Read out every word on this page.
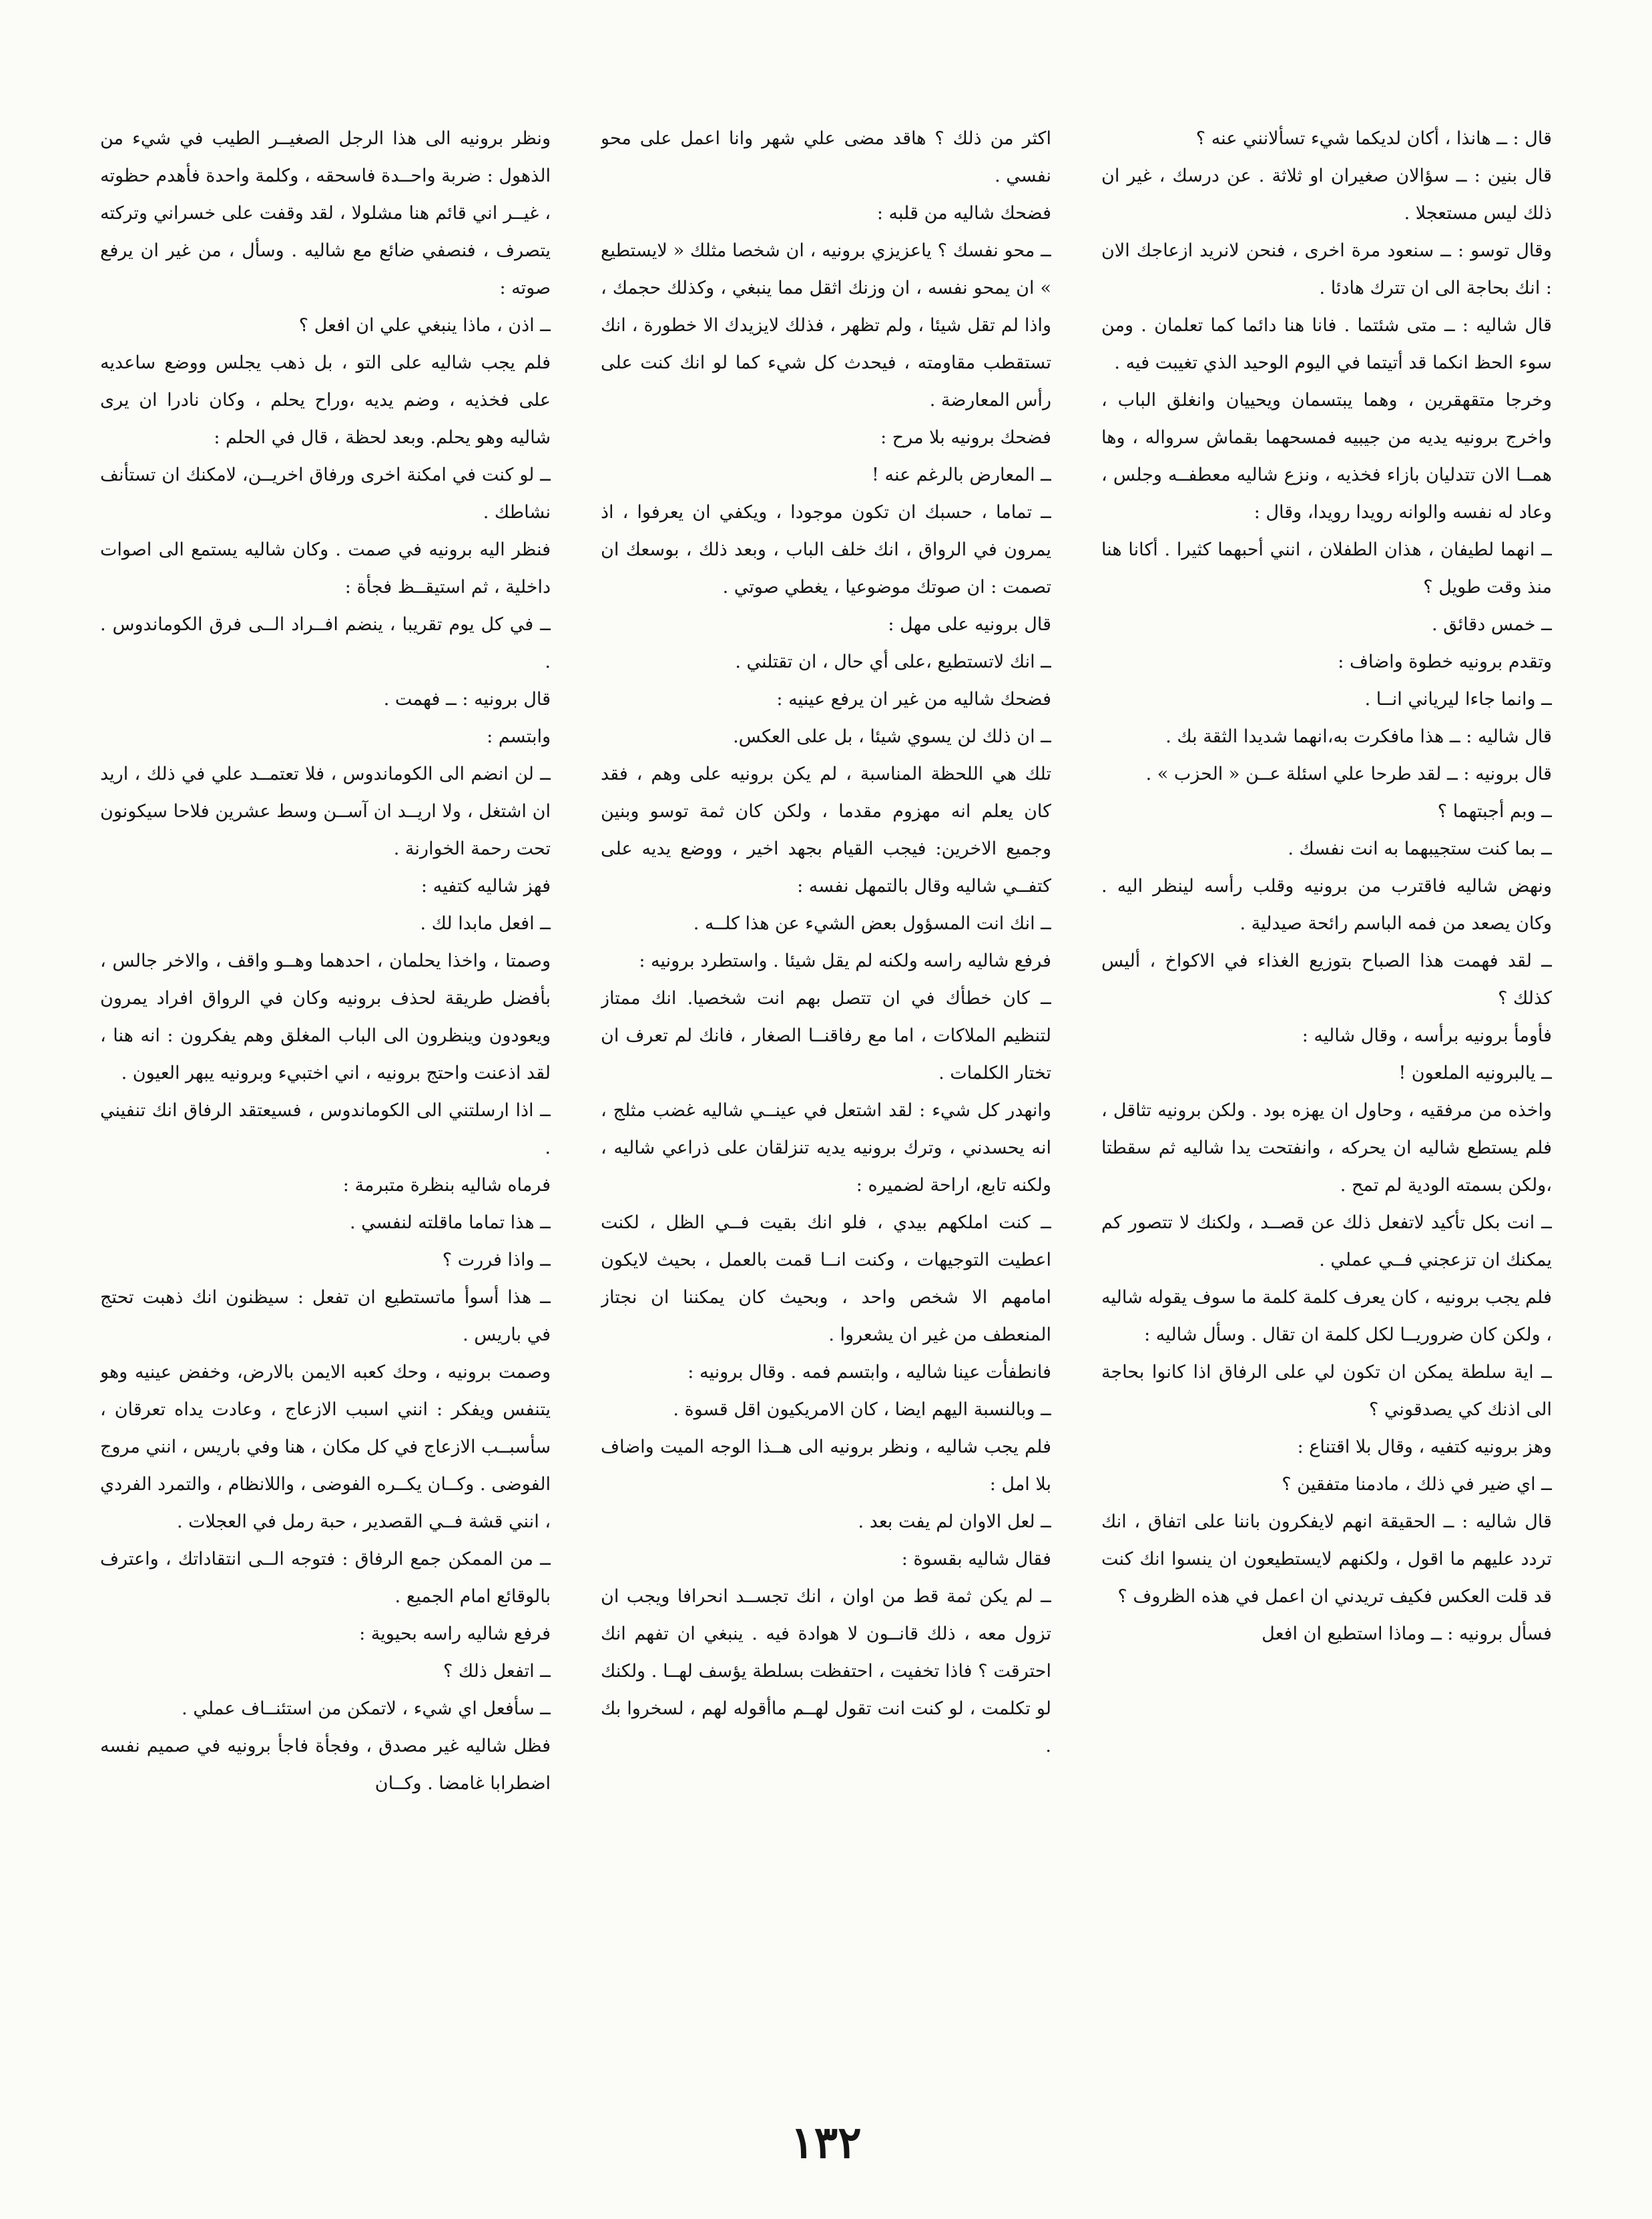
قال : ــ هانذا ، أكان لديكما شيء تسألانني عنه ؟

قال بنين : ــ سؤالان صغيران او ثلاثة . عن درسك ، غير ان ذلك ليس مستعجلا .

وقال توسو : ــ سنعود مرة اخرى ، فنحن لانريد ازعاجك الان : انك بحاجة الى ان تترك هادئا .

قال شاليه : ــ متى شئتما . فانا هنا دائما كما تعلمان . ومن سوء الحظ انكما قد أتيتما في اليوم الوحيد الذي تغيبت فيه .

وخرجا متقهقرين ، وهما يبتسمان ويحييان وانغلق الباب ، واخرج برونيه يديه من جيبيه فمسحهما بقماش سرواله ، وها همــا الان تتدليان بازاء فخذيه ، ونزع شاليه معطفــه وجلس ، وعاد له نفسه والوانه رويدا رويدا، وقال :

ــ انهما لطيفان ، هذان الطفلان ، انني أحبهما كثيرا . أكانا هنا منذ وقت طويل ؟

ــ خمس دقائق .

وتقدم برونيه خطوة واضاف :

ــ وانما جاءا ليرياني انــا .

قال شاليه : ــ هذا مافكرت به،انهما شديدا الثقة بك .

قال برونيه : ــ لقد طرحا علي اسئلة عــن « الحزب » .

ــ وبم أجبتهما ؟

ــ بما كنت ستجيبهما به انت نفسك .

ونهض شاليه فاقترب من برونيه وقلب رأسه لينظر اليه . وكان يصعد من فمه الباسم رائحة صيدلية .

ــ لقد فهمت هذا الصباح بتوزيع الغذاء في الاكواخ ، أليس كذلك ؟

فأومأ برونيه برأسه ، وقال شاليه :

ــ يالبرونيه الملعون !

واخذه من مرفقيه ، وحاول ان يهزه بود . ولكن برونيه تثاقل ، فلم يستطع شاليه ان يحركه ، وانفتحت يدا شاليه ثم سقطتا ،ولكن بسمته الودية لم تمح .

ــ انت بكل تأكيد لاتفعل ذلك عن قصــد ، ولكنك لا تتصور كم يمكنك ان تزعجني فــي عملي .

فلم يجب برونيه ، كان يعرف كلمة كلمة ما سوف يقوله شاليه ، ولكن كان ضروريــا لكل كلمة ان تقال . وسأل شاليه :

ــ اية سلطة يمكن ان تكون لي على الرفاق اذا كانوا بحاجة الى اذنك كي يصدقوني ؟

وهز برونيه كتفيه ، وقال بلا اقتناع :

ــ اي ضير في ذلك ، مادمنا متفقين ؟

قال شاليه : ــ الحقيقة انهم لايفكرون باننا على اتفاق ، انك تردد عليهم ما اقول ، ولكنهم لايستطيعون ان ينسوا انك كنت قد قلت العكس فكيف تريدني ان اعمل في هذه الظروف ؟

فسأل برونيه : ــ وماذا استطيع ان افعل

اكثر من ذلك ؟ هاقد مضى علي شهر وانا اعمل على محو نفسي .

فضحك شاليه من قلبه :

ــ محو نفسك ؟ ياعزيزي برونيه ، ان شخصا مثلك « لايستطيع » ان يمحو نفسه ، ان وزنك اثقل مما ينبغي ، وكذلك حجمك ، واذا لم تقل شيئا ، ولم تظهر ، فذلك لايزيدك الا خطورة ، انك تستقطب مقاومته ، فيحدث كل شيء كما لو انك كنت على رأس المعارضة .

فضحك برونيه بلا مرح :

ــ المعارض بالرغم عنه !

ــ تماما ، حسبك ان تكون موجودا ، ويكفي ان يعرفوا ، اذ يمرون في الرواق ، انك خلف الباب ، وبعد ذلك ، بوسعك ان تصمت : ان صوتك موضوعيا ، يغطي صوتي .

قال برونيه على مهل :

ــ انك لاتستطيع ،على أي حال ، ان تقتلني .

فضحك شاليه من غير ان يرفع عينيه :

ــ ان ذلك لن يسوي شيئا ، بل على العكس.

تلك هي اللحظة المناسبة ، لم يكن برونيه على وهم ، فقد كان يعلم انه مهزوم مقدما ، ولكن كان ثمة توسو وبنين وجميع الاخرين: فيجب القيام بجهد اخير ، ووضع يديه على كتفــي شاليه وقال بالتمهل نفسه :

ــ انك انت المسؤول بعض الشيء عن هذا كلــه .

فرفع شاليه راسه ولكنه لم يقل شيئا . واستطرد برونيه :

ــ كان خطأك في ان تتصل بهم انت شخصيا. انك ممتاز لتنظيم الملاكات ، اما مع رفاقنــا الصغار ، فانك لم تعرف ان تختار الكلمات .

وانهدر كل شيء : لقد اشتعل في عينــي شاليه غضب مثلج ، انه يحسدني ، وترك برونيه يديه تنزلقان على ذراعي شاليه ، ولكنه تابع، اراحة لضميره :

ــ كنت املكهم بيدي ، فلو انك بقيت فــي الظل ، لكنت اعطيت التوجيهات ، وكنت انــا قمت بالعمل ، بحيث لايكون امامهم الا شخص واحد ، وبحيث كان يمكننا ان نجتاز المنعطف من غير ان يشعروا .

فانطفأت عينا شاليه ، وابتسم فمه . وقال برونيه :

ــ وبالنسبة اليهم ايضا ، كان الامريكيون اقل قسوة .

فلم يجب شاليه ، ونظر برونيه الى هــذا الوجه الميت واضاف بلا امل :

ــ لعل الاوان لم يفت بعد .

فقال شاليه بقسوة :

ــ لم يكن ثمة قط من اوان ، انك تجســد انحرافا ويجب ان تزول معه ، ذلك قانــون لا هوادة فيه . ينبغي ان تفهم انك احترقت ؟ فاذا تخفيت ، احتفظت بسلطة يؤسف لهــا . ولكنك لو تكلمت ، لو كنت انت تقول لهــم ماأقوله لهم ، لسخروا بك .

ونظر برونيه الى هذا الرجل الصغيــر الطيب في شيء من الذهول : ضربة واحــدة فاسحقه ، وكلمة واحدة فأهدم حظوته ، غيــر اني قائم هنا مشلولا ، لقد وقفت على خسراني وتركته يتصرف ، فنصفي ضائع مع شاليه . وسأل ، من غير ان يرفع صوته :

ــ اذن ، ماذا ينبغي علي ان افعل ؟

فلم يجب شاليه على التو ، بل ذهب يجلس ووضع ساعديه على فخذيه ، وضم يديه ،وراح يحلم ، وكان نادرا ان يرى شاليه وهو يحلم. وبعد لحظة ، قال في الحلم :

ــ لو كنت في امكنة اخرى ورفاق اخريــن، لامكنك ان تستأنف نشاطك .

فنظر اليه برونيه في صمت . وكان شاليه يستمع الى اصوات داخلية ، ثم استيقــظ فجأة :

ــ في كل يوم تقريبا ، ينضم افــراد الــى فرق الكوماندوس . .

قال برونيه : ــ فهمت .

وابتسم :

ــ لن انضم الى الكوماندوس ، فلا تعتمــد علي في ذلك ، اريد ان اشتغل ، ولا اريــد ان آســن وسط عشرين فلاحا سيكونون تحت رحمة الخوارنة .

فهز شاليه كتفيه :

ــ افعل مابدا لك .

وصمتا ، واخذا يحلمان ، احدهما وهــو واقف ، والاخر جالس ، بأفضل طريقة لحذف برونيه وكان في الرواق افراد يمرون ويعودون وينظرون الى الباب المغلق وهم يفكرون : انه هنا ، لقد اذعنت واحتج برونيه ، اني اختبيء وبرونيه يبهر العيون .

ــ اذا ارسلتني الى الكوماندوس ، فسيعتقد الرفاق انك تنفيني .

فرماه شاليه بنظرة متبرمة :

ــ هذا تماما ماقلته لنفسي .

ــ واذا فررت ؟

ــ هذا أسوأ ماتستطيع ان تفعل : سيظنون انك ذهبت تحتج في باريس .

وصمت برونيه ، وحك كعبه الايمن بالارض، وخفض عينيه وهو يتنفس ويفكر : انني اسبب الازعاج ، وعادت يداه تعرقان ، سأسبــب الازعاج في كل مكان ، هنا وفي باريس ، انني مروج الفوضى . وكــان يكــره الفوضى ، واللانظام ، والتمرد الفردي ، انني قشة فــي القصدير ، حبة رمل في العجلات .

ــ من الممكن جمع الرفاق : فتوجه الــى انتقاداتك ، واعترف بالوقائع امام الجميع .

فرفع شاليه راسه بحيوية :

ــ اتفعل ذلك ؟

ــ سأفعل اي شيء ، لاتمكن من استئنــاف عملي .

فظل شاليه غير مصدق ، وفجأة فاجأ برونيه في صميم نفسه اضطرابا غامضا . وكــان

١٣٢
